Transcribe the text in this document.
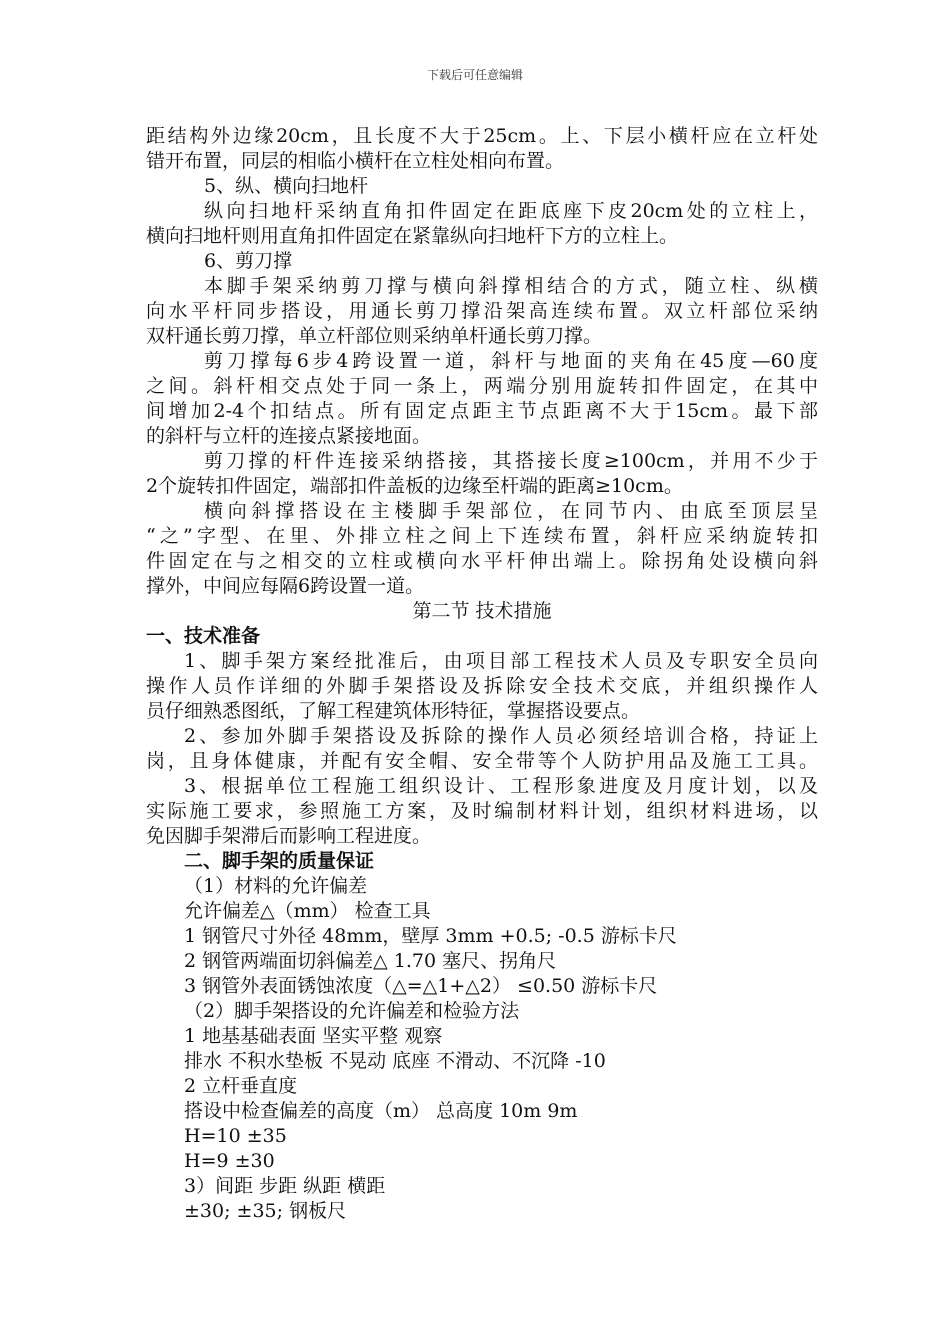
下载后可任意编辑
距结构外边缘20cm，且长度不大于25cm。上、下层小横杆应在立杆处
错开布置，同层的相临小横杆在立柱处相向布置。
5、纵、横向扫地杆
纵向扫地杆采纳直角扣件固定在距底座下皮20cm处的立柱上，
横向扫地杆则用直角扣件固定在紧靠纵向扫地杆下方的立柱上。
6、剪刀撑
本脚手架采纳剪刀撑与横向斜撑相结合的方式，随立柱、纵横
向水平杆同步搭设，用通长剪刀撑沿架高连续布置。双立杆部位采纳
双杆通长剪刀撑，单立杆部位则采纳单杆通长剪刀撑。
剪刀撑每6步4跨设置一道，斜杆与地面的夹角在45度—60度
之间。斜杆相交点处于同一条上，两端分别用旋转扣件固定，在其中
间增加2-4个扣结点。所有固定点距主节点距离不大于15cm。最下部
的斜杆与立杆的连接点紧接地面。
剪刀撑的杆件连接采纳搭接，其搭接长度≥100cm，并用不少于
2个旋转扣件固定，端部扣件盖板的边缘至杆端的距离≥10cm。
横向斜撑搭设在主楼脚手架部位，在同节内、由底至顶层呈
“之”字型、在里、外排立柱之间上下连续布置，斜杆应采纳旋转扣
件固定在与之相交的立柱或横向水平杆伸出端上。除拐角处设横向斜
撑外，中间应每隔6跨设置一道。
第二节 技术措施
一、技术准备
1、脚手架方案经批准后，由项目部工程技术人员及专职安全员向
操作人员作详细的外脚手架搭设及拆除安全技术交底，并组织操作人
员仔细熟悉图纸，了解工程建筑体形特征，掌握搭设要点。
2、参加外脚手架搭设及拆除的操作人员必须经培训合格，持证上
岗，且身体健康，并配有安全帽、安全带等个人防护用品及施工工具。
3、根据单位工程施工组织设计、工程形象进度及月度计划，以及
实际施工要求，参照施工方案，及时编制材料计划，组织材料进场，以
免因脚手架滞后而影响工程进度。
二、脚手架的质量保证
（1）材料的允许偏差
允许偏差△（mm） 检查工具
1 钢管尺寸外径 48mm，壁厚 3mm +0.5; -0.5 游标卡尺
2 钢管两端面切斜偏差△ 1.70 塞尺、拐角尺
3 钢管外表面锈蚀浓度（△=△1+△2） ≤0.50 游标卡尺
（2）脚手架搭设的允许偏差和检验方法
1 地基基础表面 坚实平整 观察
排水 不积水垫板 不晃动 底座 不滑动、不沉降 -10
2 立杆垂直度
搭设中检查偏差的高度（m） 总高度 10m 9m
H=10 ±35
H=9 ±30
3）间距 步距 纵距 横距
±30; ±35; 钢板尺
